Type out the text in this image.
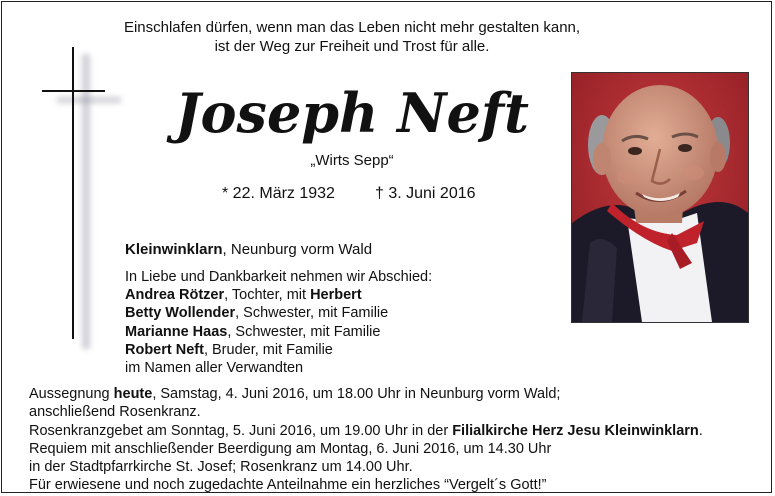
Einschlafen dürfen, wenn man das Leben nicht mehr gestalten kann,
ist der Weg zur Freiheit und Trost für alle.
Joseph Neft
„Wirts Sepp“
* 22. März 1932	† 3. Juni 2016
Kleinwinklarn, Neunburg vorm Wald
In Liebe und Dankbarkeit nehmen wir Abschied:
Andrea Rötzer, Tochter, mit Herbert
Betty Wollender, Schwester, mit Familie
Marianne Haas, Schwester, mit Familie
Robert Neft, Bruder, mit Familie
im Namen aller Verwandten
Aussegnung heute, Samstag, 4. Juni 2016, um 18.00 Uhr in Neunburg vorm Wald;
anschließend Rosenkranz.
Rosenkranzgebet am Sonntag, 5. Juni 2016, um 19.00 Uhr in der Filialkirche Herz Jesu Kleinwinklarn.
Requiem mit anschließender Beerdigung am Montag, 6. Juni 2016, um 14.30 Uhr
in der Stadtpfarrkirche St. Josef; Rosenkranz um 14.00 Uhr.
Für erwiesene und noch zugedachte Anteilnahme ein herzliches “Vergelt´s Gott!”
